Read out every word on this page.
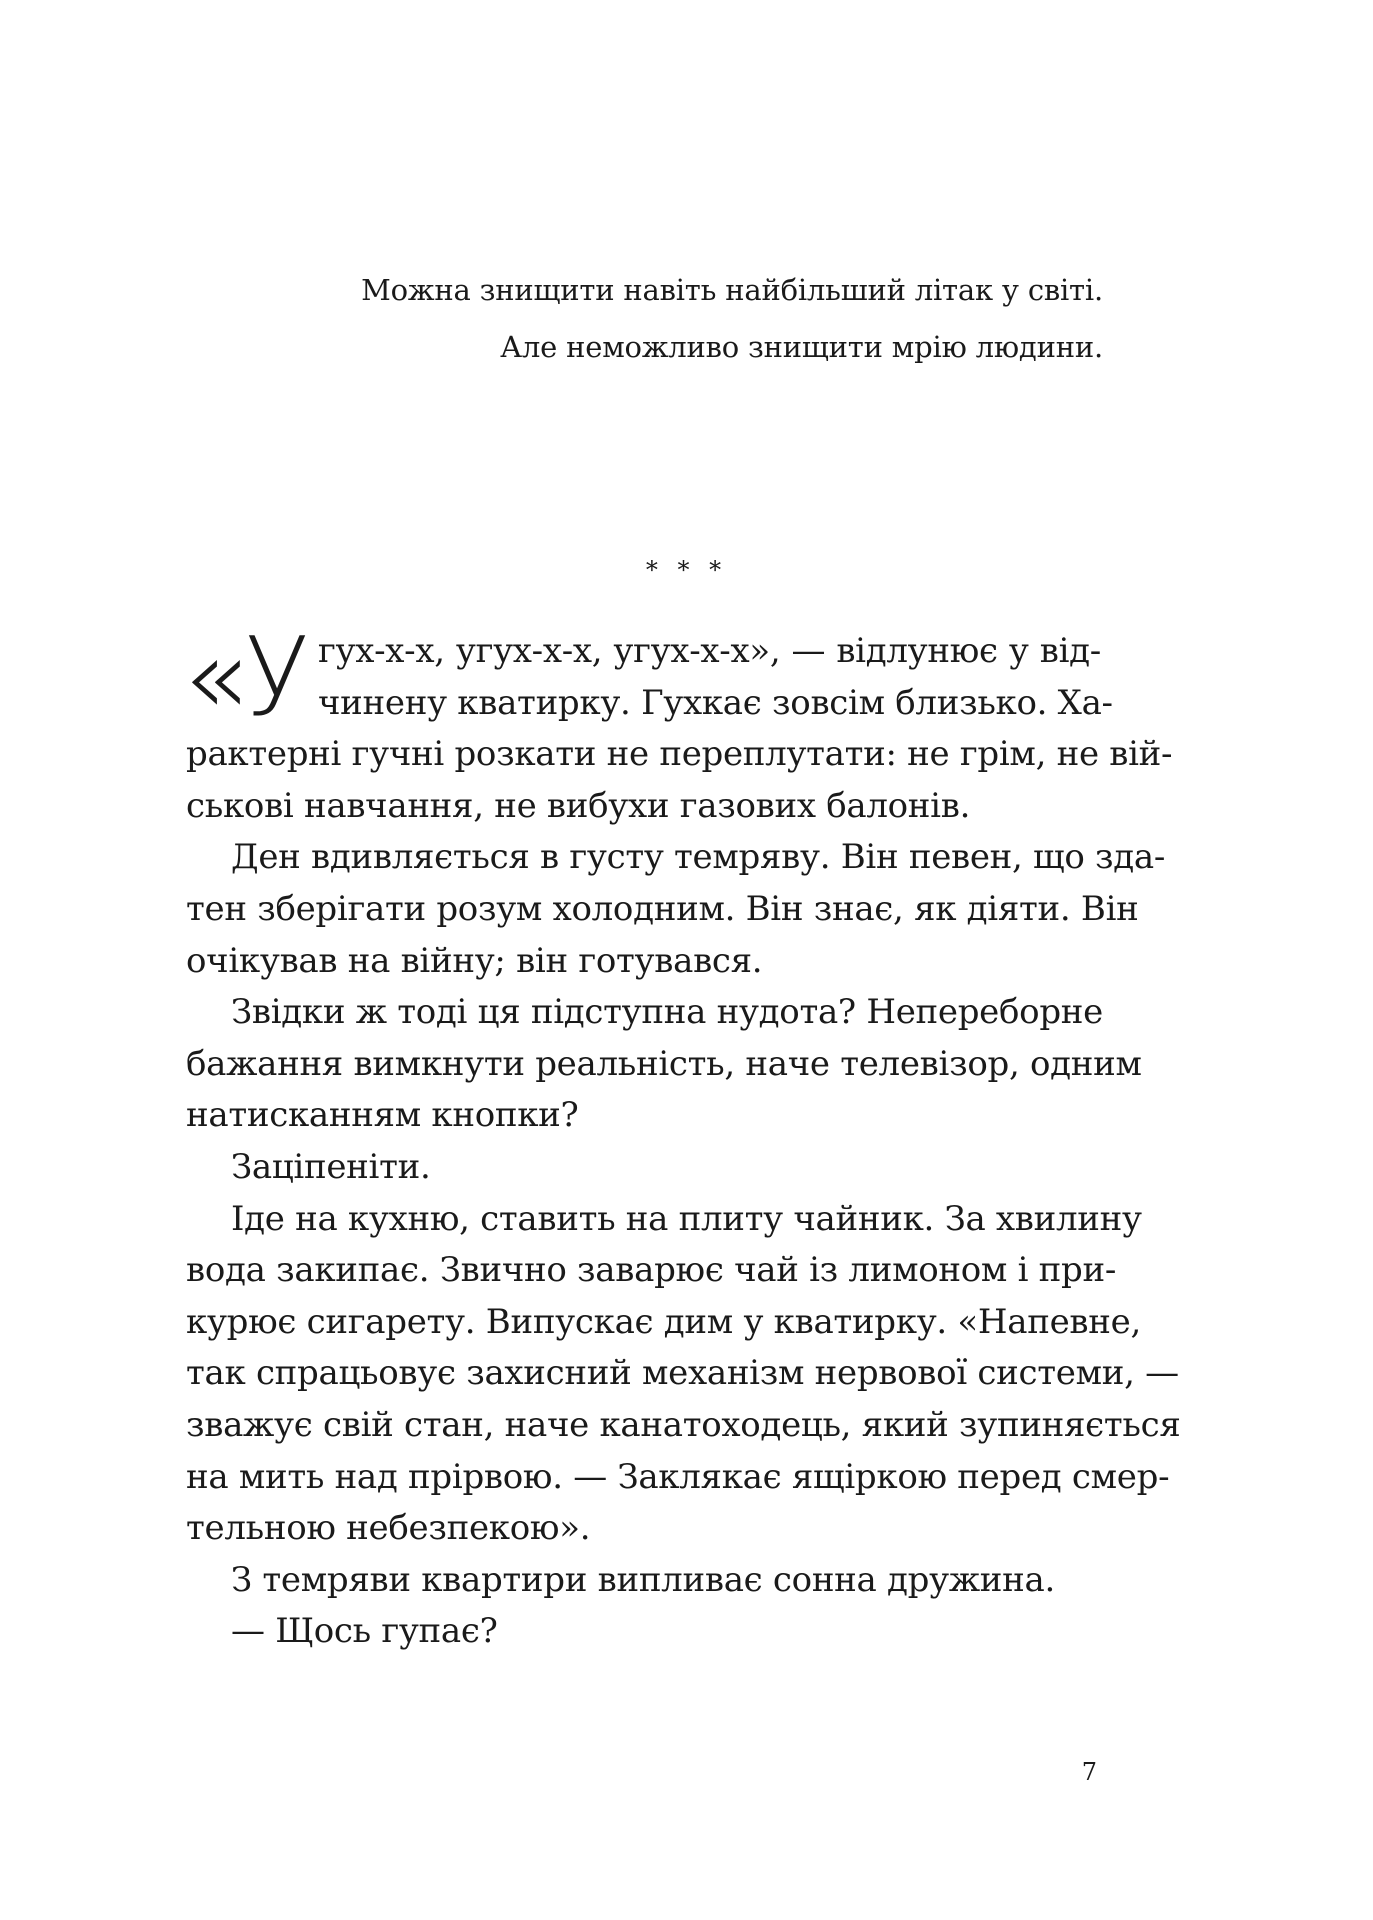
Можна знищити навіть найбільший літак у світі.
Але неможливо знищити мрію людини.
* * *
«У гух-х-х, угух-х-х, угух-х-х», — відлунює у від-
чинену кватирку. Гухкає зовсім близько. Ха-
рактерні гучні розкати не переплутати: не грім, не вій-
ськові навчання, не вибухи газових балонів.
Ден вдивляється в густу темряву. Він певен, що здa-
тен зберігати розум холодним. Він знає, як діяти. Він
очікував на війну; він готувався.
Звідки ж тоді ця підступна нудота? Непереборне
бажання вимкнути реальність, наче телевізор, одним
натисканням кнопки?
Заціпеніти.
Іде на кухню, ставить на плиту чайник. За хвилину
вода закипає. Звично заварює чай із лимоном і при-
курює сигарету. Випускає дим у кватирку. «Напевне,
так спрацьовує захисний механізм нервової системи, —
зважує свій стан, наче канатоходець, який зупиняється
на мить над прірвою. — Заклякає ящіркою перед смер-
тельною небезпекою».
З темряви квартири випливає сонна дружина.
— Щось гупає?
7
